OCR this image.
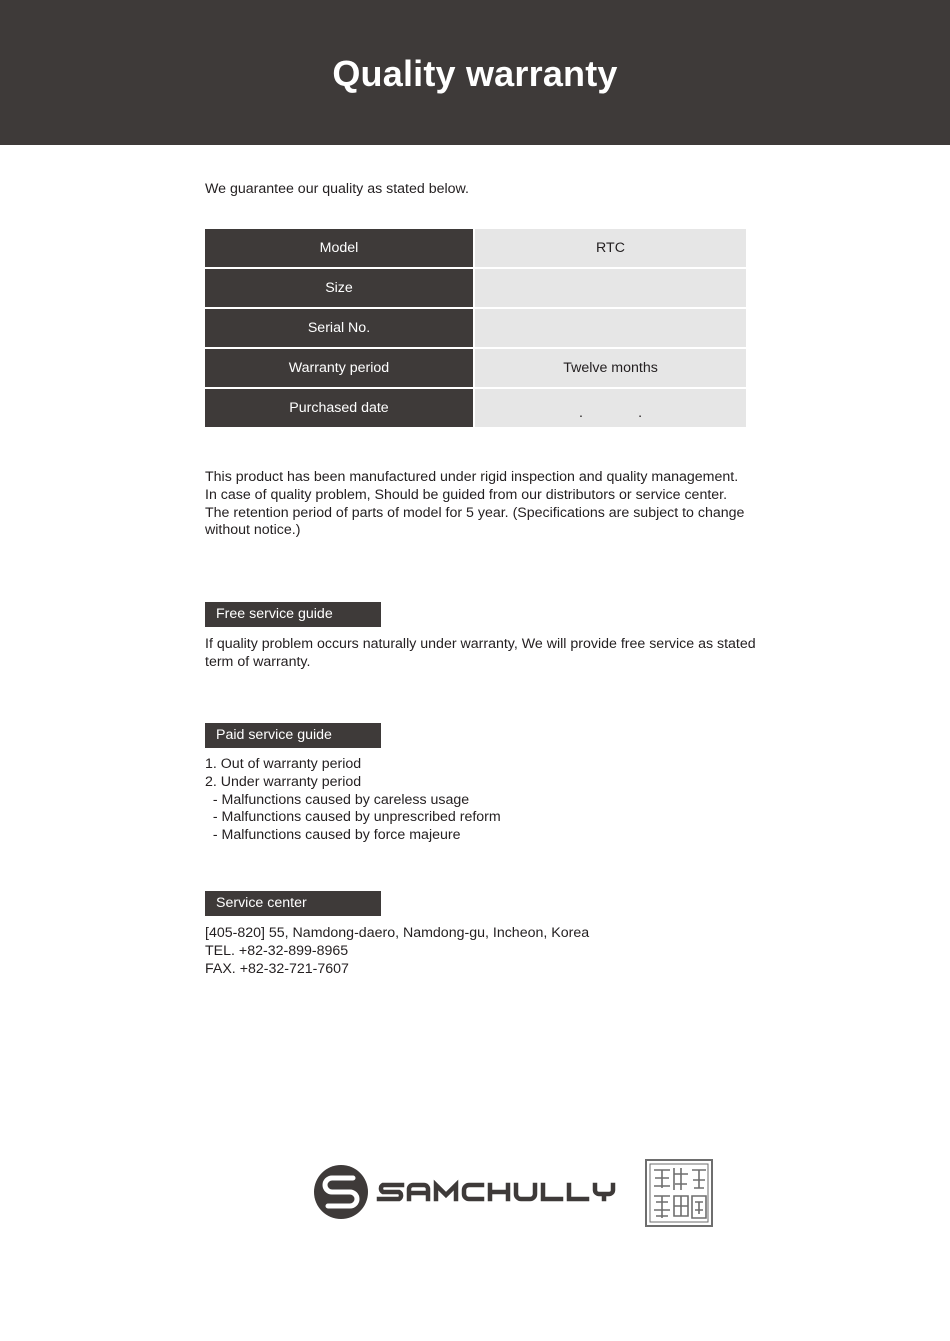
Quality warranty
We guarantee our quality as stated below.
Model	RTC
Size	
Serial No.	
Warranty period	Twelve months
Purchased date	.              .
This product has been manufactured under rigid inspection and quality management.
In case of quality problem, Should be guided from our distributors or service center.
The retention period of parts of model for 5 year. (Specifications are subject to change
without notice.)
Free service guide
If quality problem occurs naturally under warranty, We will provide free service as stated
term of warranty.
Paid service guide
1. Out of warranty period
2. Under warranty period
- Malfunctions caused by careless usage
- Malfunctions caused by unprescribed reform
- Malfunctions caused by force majeure
Service center
[405-820] 55, Namdong-daero, Namdong-gu, Incheon, Korea
TEL. +82-32-899-8965
FAX. +82-32-721-7607
